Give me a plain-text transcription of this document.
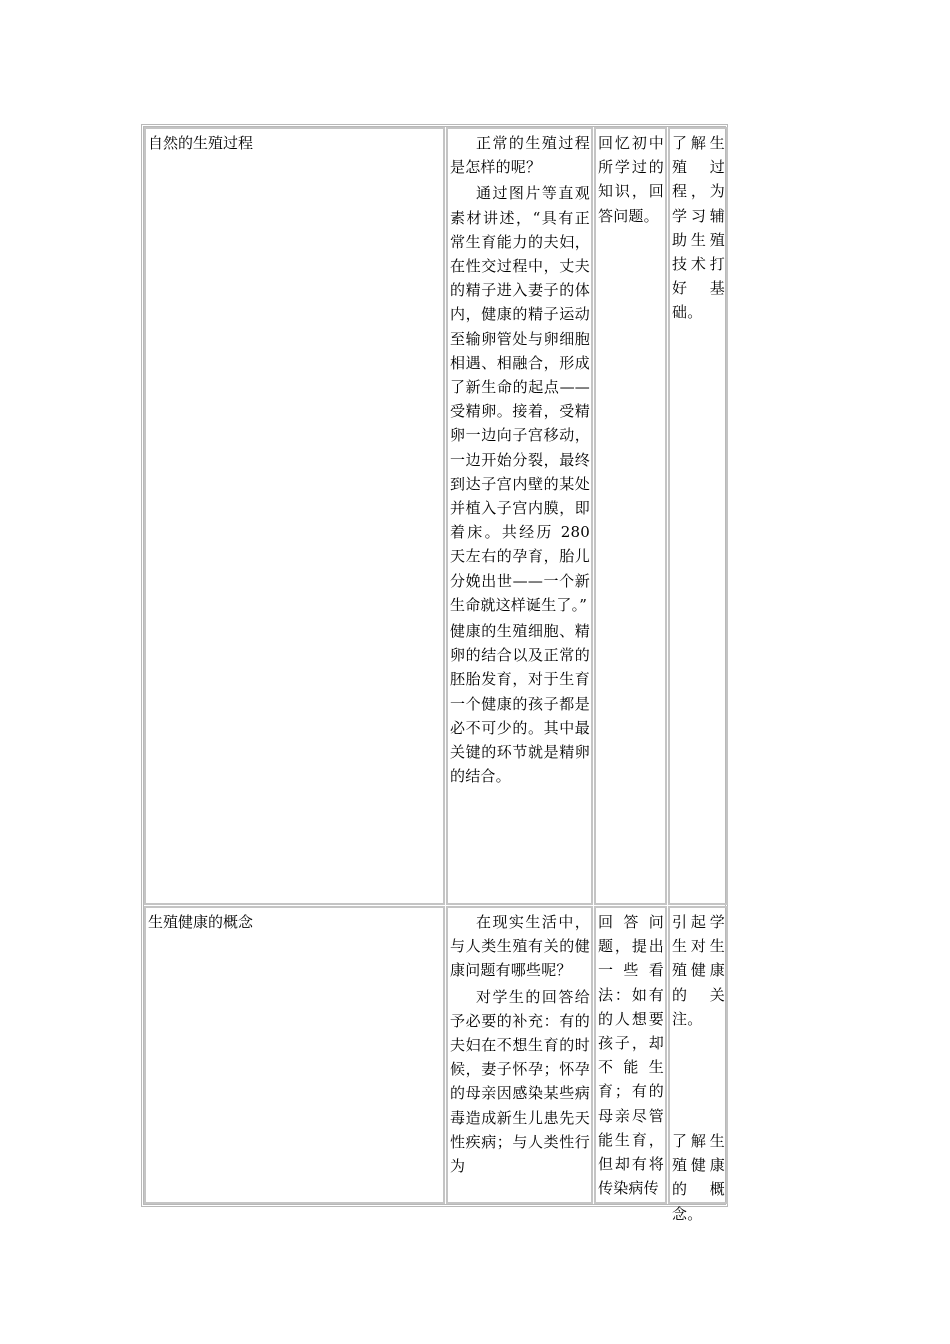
自然的生殖过程	正常的生殖过程是怎样的呢？

通过图片等直观素材讲述，“具有正常生育能力的夫妇，在性交过程中，丈夫的精子进入妻子的体内，健康的精子运动至输卵管处与卵细胞相遇、相融合，形成了新生命的起点——受精卵。接着，受精卵一边向子宫移动，一边开始分裂，最终到达子宫内壁的某处并植入子宫内膜，即着床。共经历 280 天左右的孕育，胎儿分娩出世——一个新生命就这样诞生了。”

健康的生殖细胞、精卵的结合以及正常的胚胎发育，对于生育一个健康的孩子都是必不可少的。其中最关键的环节就是精卵的结合。

回忆初中所学过的知识，回答问题。

了解生殖过程，为学习辅助生殖技术打好基础。

生殖健康的概念	在现实生活中，与人类生殖有关的健康问题有哪些呢？

对学生的回答给予必要的补充：有的夫妇在不想生育的时候，妻子怀孕；怀孕的母亲因感染某些病毒造成新生儿患先天性疾病；与人类性行为

回答问题，提出一些看法：如有的人想要孩子，却不能生育；有的母亲尽管能生育，但却有将传染病传

引起学生对生殖健康的关注。

了解生殖健康的概念。
